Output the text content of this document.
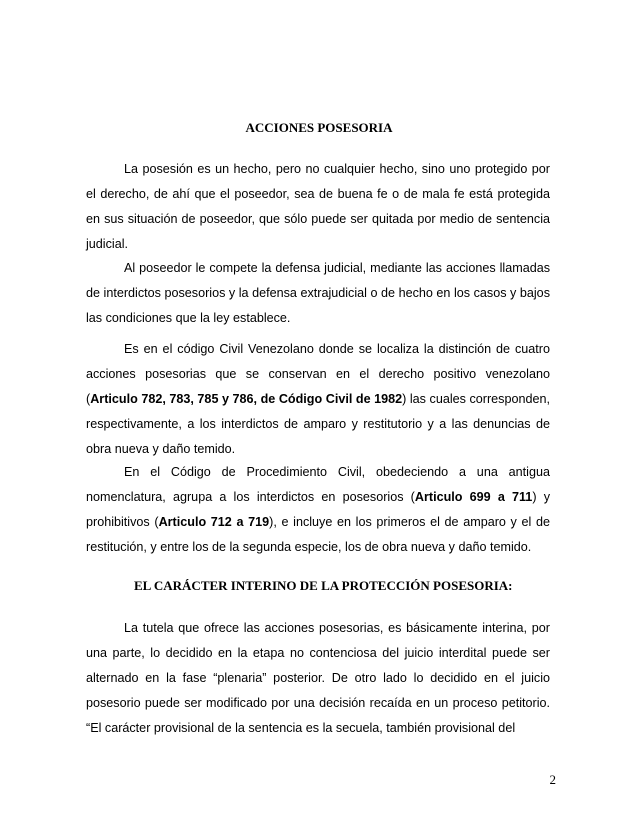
ACCIONES POSESORIA

La posesión es un hecho, pero no cualquier hecho, sino uno protegido por el derecho, de ahí que el poseedor, sea de buena fe o de mala fe está protegida en sus situación de poseedor, que sólo puede ser quitada por medio de sentencia judicial.

Al poseedor le compete la defensa judicial, mediante las acciones llamadas de interdictos posesorios y la defensa extrajudicial o de hecho en los casos y bajos las condiciones que la ley establece.

Es en el código Civil Venezolano donde se localiza la distinción de cuatro acciones posesorias que se conservan en el derecho positivo venezolano (Articulo 782, 783, 785 y 786, de Código Civil de 1982) las cuales corresponden, respectivamente, a los interdictos de amparo y restitutorio y a las denuncias de obra nueva y daño temido.

En el Código de Procedimiento Civil, obedeciendo a una antigua nomenclatura, agrupa a los interdictos en posesorios (Articulo 699 a 711) y prohibitivos (Articulo 712 a 719), e incluye en los primeros el de amparo y el de restitución, y entre los de la segunda especie, los de obra nueva y daño temido.

EL CARÁCTER INTERINO DE LA PROTECCIÓN POSESORIA:

La tutela que ofrece las acciones posesorias, es básicamente interina, por una parte, lo decidido en la etapa no contenciosa del juicio interdital puede ser alternado en la fase “plenaria” posterior. De otro lado lo decidido en el juicio posesorio puede ser modificado por una decisión recaída en un proceso petitorio. “El carácter provisional de la sentencia es la secuela, también provisional del

2
